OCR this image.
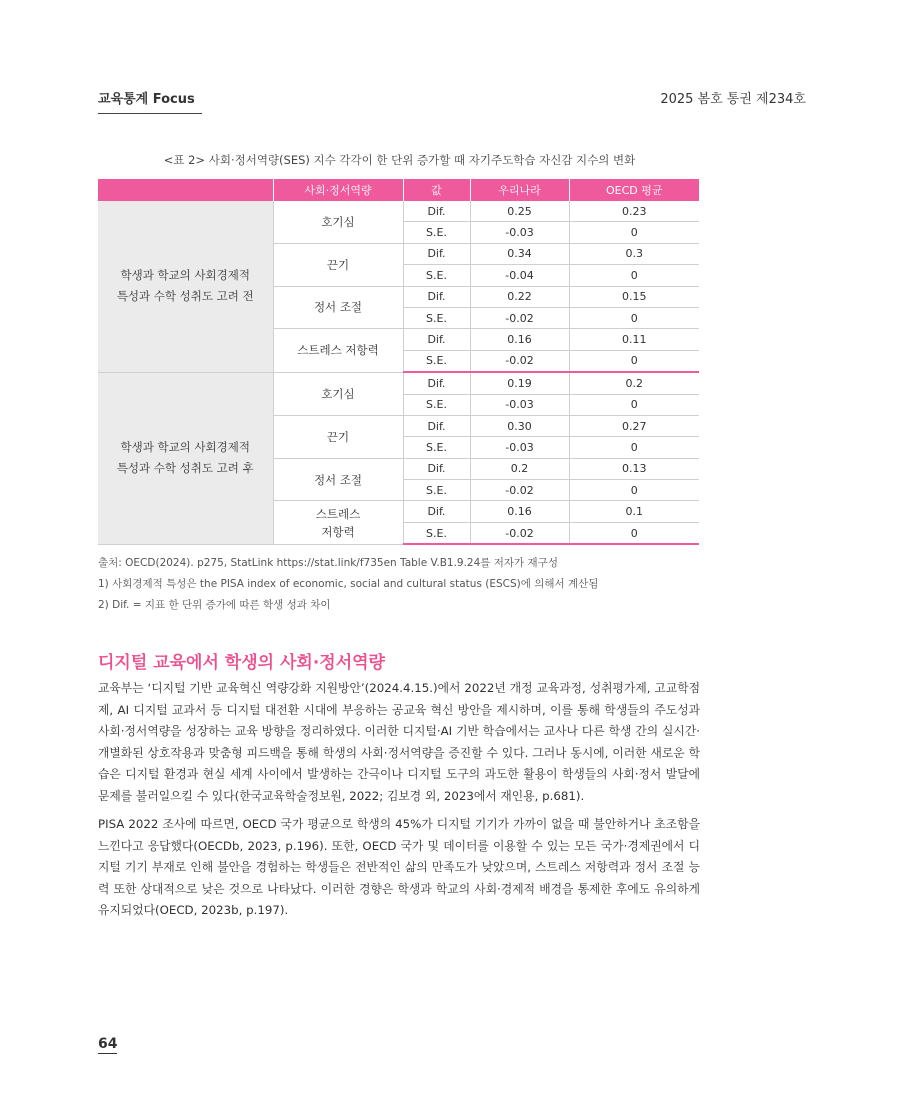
교육통계 Focus	2025 봄호 통권 제234호
<표 2> 사회·정서역량(SES) 지수 각각이 한 단위 증가할 때 자기주도학습 자신감 지수의 변화
	사회·정서역량	값	우리나라	OECD 평균
학생과 학교의 사회경제적
특성과 수학 성취도 고려 전	호기심	Dif.	0.25	0.23
		S.E.	-0.03	0
	끈기	Dif.	0.34	0.3
		S.E.	-0.04	0
	정서 조절	Dif.	0.22	0.15
		S.E.	-0.02	0
	스트레스 저항력	Dif.	0.16	0.11
		S.E.	-0.02	0
학생과 학교의 사회경제적
특성과 수학 성취도 고려 후	호기심	Dif.	0.19	0.2
		S.E.	-0.03	0
	끈기	Dif.	0.30	0.27
		S.E.	-0.03	0
	정서 조절	Dif.	0.2	0.13
		S.E.	-0.02	0
	스트레스
저항력	Dif.	0.16	0.1
		S.E.	-0.02	0
출처: OECD(2024). p275, StatLink https://stat.link/f735en Table V.B1.9.24를 저자가 재구성
1) 사회경제적 특성은 the PISA index of economic, social and cultural status (ESCS)에 의해서 계산됨
2) Dif. = 지표 한 단위 증가에 따른 학생 성과 차이
디지털 교육에서 학생의 사회·정서역량

교육부는 ‘디지털 기반 교육혁신 역량강화 지원방안’(2024.4.15.)에서 2022년 개정 교육과정, 성취평가제, 고교학점제, AI 디지털 교과서 등 디지털 대전환 시대에 부응하는 공교육 혁신 방안을 제시하며, 이를 통해 학생들의 주도성과 사회·정서역량을 성장하는 교육 방향을 정리하였다. 이러한 디지털·AI 기반 학습에서는 교사나 다른 학생 간의 실시간·개별화된 상호작용과 맞춤형 피드백을 통해 학생의 사회·정서역량을 증진할 수 있다. 그러나 동시에, 이러한 새로운 학습은 디지털 환경과 현실 세계 사이에서 발생하는 간극이나 디지털 도구의 과도한 활용이 학생들의 사회·정서 발달에 문제를 불러일으킬 수 있다(한국교육학술정보원, 2022; 김보경 외, 2023에서 재인용, p.681).

PISA 2022 조사에 따르면, OECD 국가 평균으로 학생의 45%가 디지털 기기가 가까이 없을 때 불안하거나 초조함을 느낀다고 응답했다(OECDb, 2023, p.196). 또한, OECD 국가 및 데이터를 이용할 수 있는 모든 국가·경제권에서 디지털 기기 부재로 인해 불안을 경험하는 학생들은 전반적인 삶의 만족도가 낮았으며, 스트레스 저항력과 정서 조절 능력 또한 상대적으로 낮은 것으로 나타났다. 이러한 경향은 학생과 학교의 사회·경제적 배경을 통제한 후에도 유의하게 유지되었다(OECD, 2023b, p.197).

64
